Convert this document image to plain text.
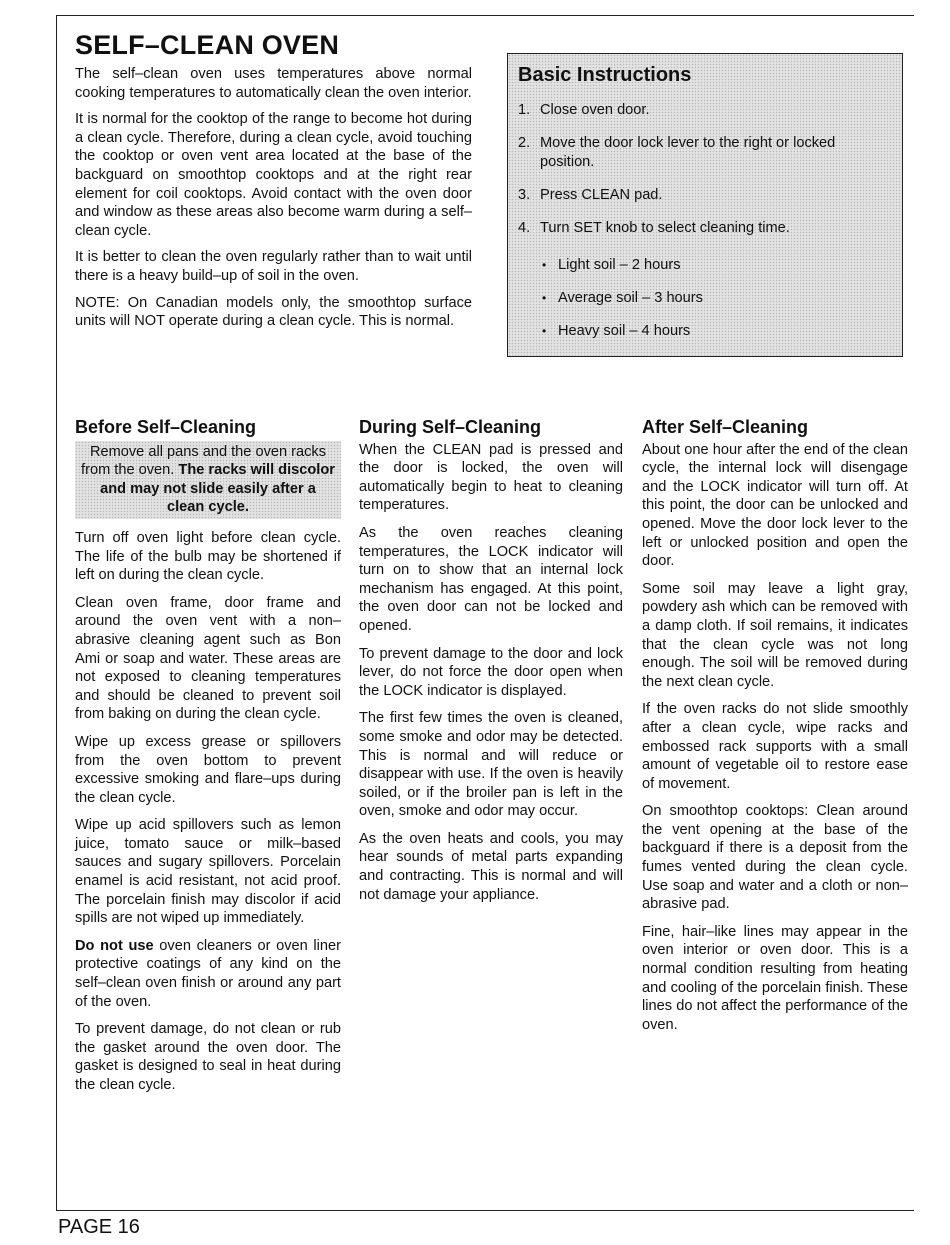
SELF–CLEAN OVEN

The self–clean oven uses temperatures above normal cooking temperatures to automatically clean the oven interior.

It is normal for the cooktop of the range to become hot during a clean cycle. Therefore, during a clean cycle, avoid touching the cooktop or oven vent area located at the base of the backguard on smoothtop cooktops and at the right rear element for coil cooktops. Avoid contact with the oven door and window as these areas also become warm during a self–clean cycle.

It is better to clean the oven regularly rather than to wait until there is a heavy build–up of soil in the oven.

NOTE: On Canadian models only, the smoothtop surface units will NOT operate during a clean cycle. This is normal.

Basic Instructions
1. Close oven door.
2. Move the door lock lever to the right or locked position.
3. Press CLEAN pad.
4. Turn SET knob to select cleaning time.
• Light soil – 2 hours
• Average soil – 3 hours
• Heavy soil – 4 hours
Before Self–Cleaning
Remove all pans and the oven racks from the oven. The racks will discolor and may not slide easily after a clean cycle.

Turn off oven light before clean cycle. The life of the bulb may be shortened if left on during the clean cycle.

Clean oven frame, door frame and around the oven vent with a non–abrasive cleaning agent such as Bon Ami or soap and water. These areas are not exposed to cleaning temperatures and should be cleaned to prevent soil from baking on during the clean cycle.

Wipe up excess grease or spillovers from the oven bottom to prevent excessive smoking and flare–ups during the clean cycle.

Wipe up acid spillovers such as lemon juice, tomato sauce or milk–based sauces and sugary spillovers. Porcelain enamel is acid resistant, not acid proof. The porcelain finish may discolor if acid spills are not wiped up immediately.

Do not use oven cleaners or oven liner protective coatings of any kind on the self–clean oven finish or around any part of the oven.

To prevent damage, do not clean or rub the gasket around the oven door. The gasket is designed to seal in heat during the clean cycle.

During Self–Cleaning

When the CLEAN pad is pressed and the door is locked, the oven will automatically begin to heat to cleaning temperatures.

As the oven reaches cleaning temperatures, the LOCK indicator will turn on to show that an internal lock mechanism has engaged. At this point, the oven door can not be locked and opened.

To prevent damage to the door and lock lever, do not force the door open when the LOCK indicator is displayed.

The first few times the oven is cleaned, some smoke and odor may be detected. This is normal and will reduce or disappear with use. If the oven is heavily soiled, or if the broiler pan is left in the oven, smoke and odor may occur.

As the oven heats and cools, you may hear sounds of metal parts expanding and contracting. This is normal and will not damage your appliance.

After Self–Cleaning

About one hour after the end of the clean cycle, the internal lock will disengage and the LOCK indicator will turn off. At this point, the door can be unlocked and opened. Move the door lock lever to the left or unlocked position and open the door.

Some soil may leave a light gray, powdery ash which can be removed with a damp cloth. If soil remains, it indicates that the clean cycle was not long enough. The soil will be removed during the next clean cycle.

If the oven racks do not slide smoothly after a clean cycle, wipe racks and embossed rack supports with a small amount of vegetable oil to restore ease of movement.

On smoothtop cooktops: Clean around the vent opening at the base of the backguard if there is a deposit from the fumes vented during the clean cycle. Use soap and water and a cloth or non–abrasive pad.

Fine, hair–like lines may appear in the oven interior or oven door. This is a normal condition resulting from heating and cooling of the porcelain finish. These lines do not affect the performance of the oven.

PAGE 16
